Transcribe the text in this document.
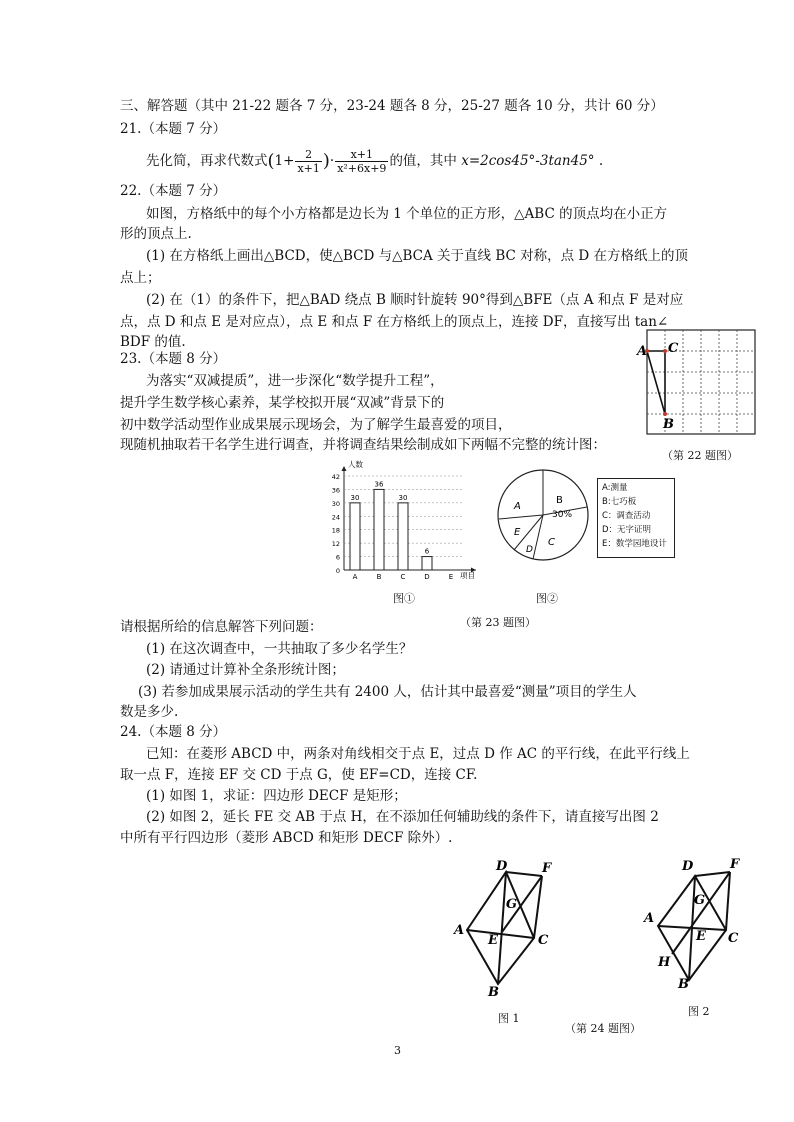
三、解答题（其中 21-22 题各 7 分，23-24 题各 8 分，25-27 题各 10 分，共计 60 分）
21.（本题 7 分）
先化简，再求代数式($1+ \frac{2}{x+1}$ )· $\frac{x+1}{\text{x²+6x+9}}$ 的值，其中 x=2cos45°-3tan45° .
22.（本题 7 分）
如图，方格纸中的每个小方格都是边长为 1 个单位的正方形，△ABC 的顶点均在小正方
形的顶点上.
(1) 在方格纸上画出△BCD，使△BCD 与△BCA 关于直线 BC 对称，点 D 在方格纸上的顶
点上；
(2) 在（1）的条件下，把△BAD 绕点 B 顺时针旋转 90°得到△BFE（点 A 和点 F 是对应
点，点 D 和点 E 是对应点），点 E 和点 F 在方格纸上的顶点上，连接 DF，直接写出 tan∠
BDF 的值.
A C
B
（第 22 题图）
23.（本题 8 分）
为落实“双减提质”，进一步深化“数学提升工程”，
提升学生数学核心素养，某学校拟开展“双减”背景下的
初中数学活动型作业成果展示现场会，为了解学生最喜爱的项目，
现随机抽取若干名学生进行调查，并将调查结果绘制成如下两幅不完整的统计图：
0
6
12
18
24
30
36
42
人数
项目
30
A
36
B
30
C
6
D	E
图①
B
30%
A
C
D
E
图②
A:测量
B:七巧板
C：调查活动
D：无字证明
E：数学园地设计
（第 23 题图）
请根据所给的信息解答下列问题：
(1) 在这次调查中，一共抽取了多少名学生？
(2) 请通过计算补全条形统计图；
(3) 若参加成果展示活动的学生共有 2400 人，估计其中最喜爱“测量”项目的学生人
数是多少.
24.（本题 8 分）
已知：在菱形 ABCD 中，两条对角线相交于点 E，过点 D 作 AC 的平行线，在此平行线上
取一点 F，连接 EF 交 CD 于点 G，使 EF=CD，连接 CF.
(1) 如图 1，求证：四边形 DECF 是矩形；
(2) 如图 2，延长 FE 交 AB 于点 H，在不添加任何辅助线的条件下，请直接写出图 2
中所有平行四边形（菱形 ABCD 和矩形 DECF 除外）.
D	F
G
A
E	C
B
图 1
D	F
G
A
E C
H
B
图 2
（第 24 题图）
3
